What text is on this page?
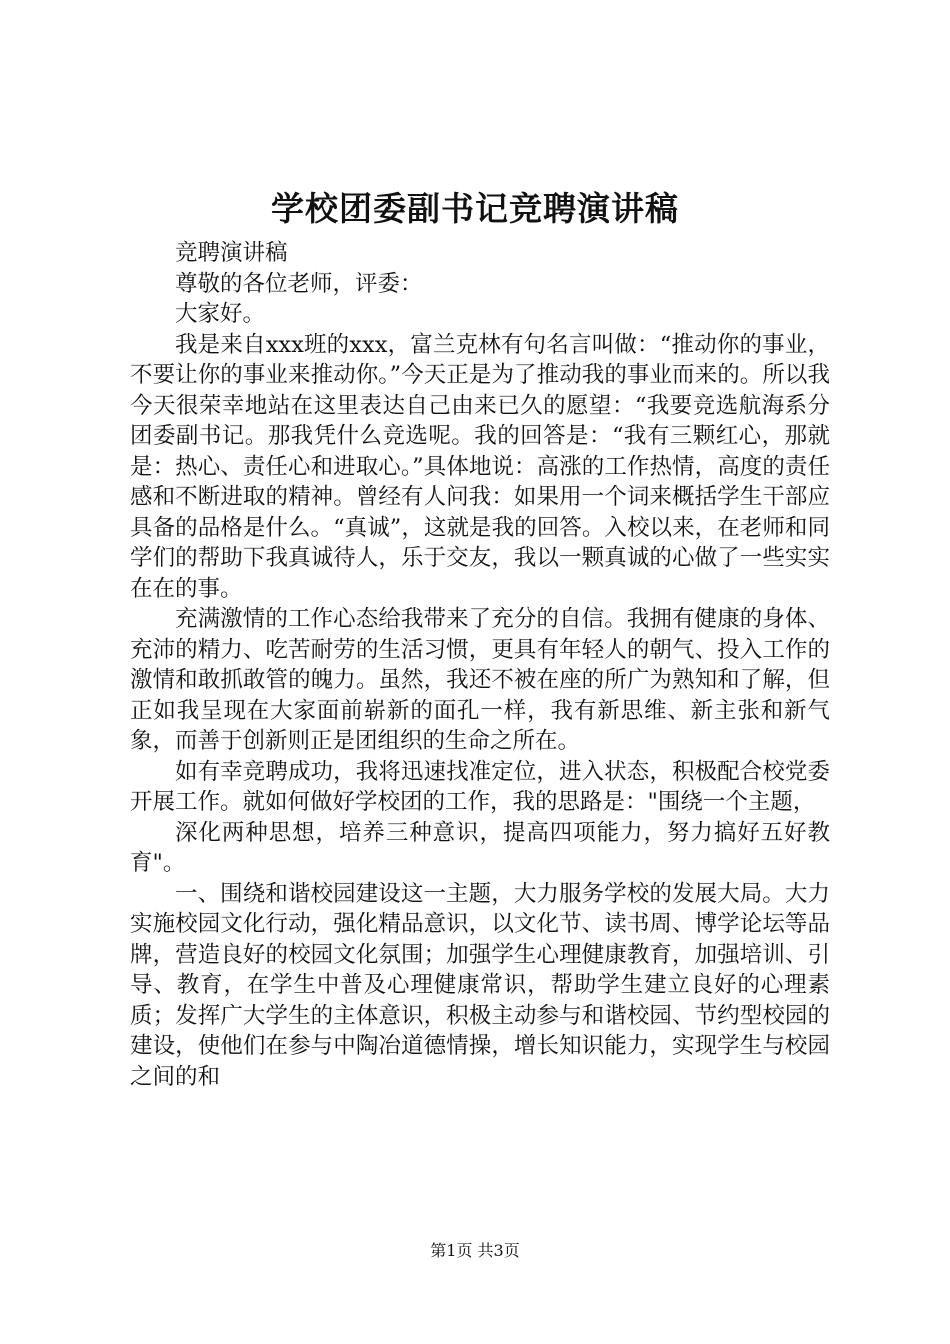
学校团委副书记竞聘演讲稿

竞聘演讲稿

尊敬的各位老师，评委：

大家好。

我是来自xxx班的xxx，富兰克林有句名言叫做：“推动你的事业，不要让你的事业来推动你。”今天正是为了推动我的事业而来的。所以我今天很荣幸地站在这里表达自己由来已久的愿望：“我要竞选航海系分团委副书记。那我凭什么竞选呢。我的回答是：“我有三颗红心，那就是：热心、责任心和进取心。”具体地说：高涨的工作热情，高度的责任感和不断进取的精神。曾经有人问我：如果用一个词来概括学生干部应具备的品格是什么。“真诚”，这就是我的回答。入校以来，在老师和同学们的帮助下我真诚待人，乐于交友，我以一颗真诚的心做了一些实实在在的事。

充满激情的工作心态给我带来了充分的自信。我拥有健康的身体、充沛的精力、吃苦耐劳的生活习惯，更具有年轻人的朝气、投入工作的激情和敢抓敢管的魄力。虽然，我还不被在座的所广为熟知和了解，但正如我呈现在大家面前崭新的面孔一样，我有新思维、新主张和新气象，而善于创新则正是团组织的生命之所在。

如有幸竞聘成功，我将迅速找准定位，进入状态，积极配合校党委开展工作。就如何做好学校团的工作，我的思路是："围绕一个主题，

深化两种思想，培养三种意识，提高四项能力，努力搞好五好教育"。

一、围绕和谐校园建设这一主题，大力服务学校的发展大局。大力实施校园文化行动，强化精品意识，以文化节、读书周、博学论坛等品牌，营造良好的校园文化氛围；加强学生心理健康教育，加强培训、引导、教育，在学生中普及心理健康常识，帮助学生建立良好的心理素质；发挥广大学生的主体意识，积极主动参与和谐校园、节约型校园的建设，使他们在参与中陶冶道德情操，增长知识能力，实现学生与校园之间的和

第1页 共3页
